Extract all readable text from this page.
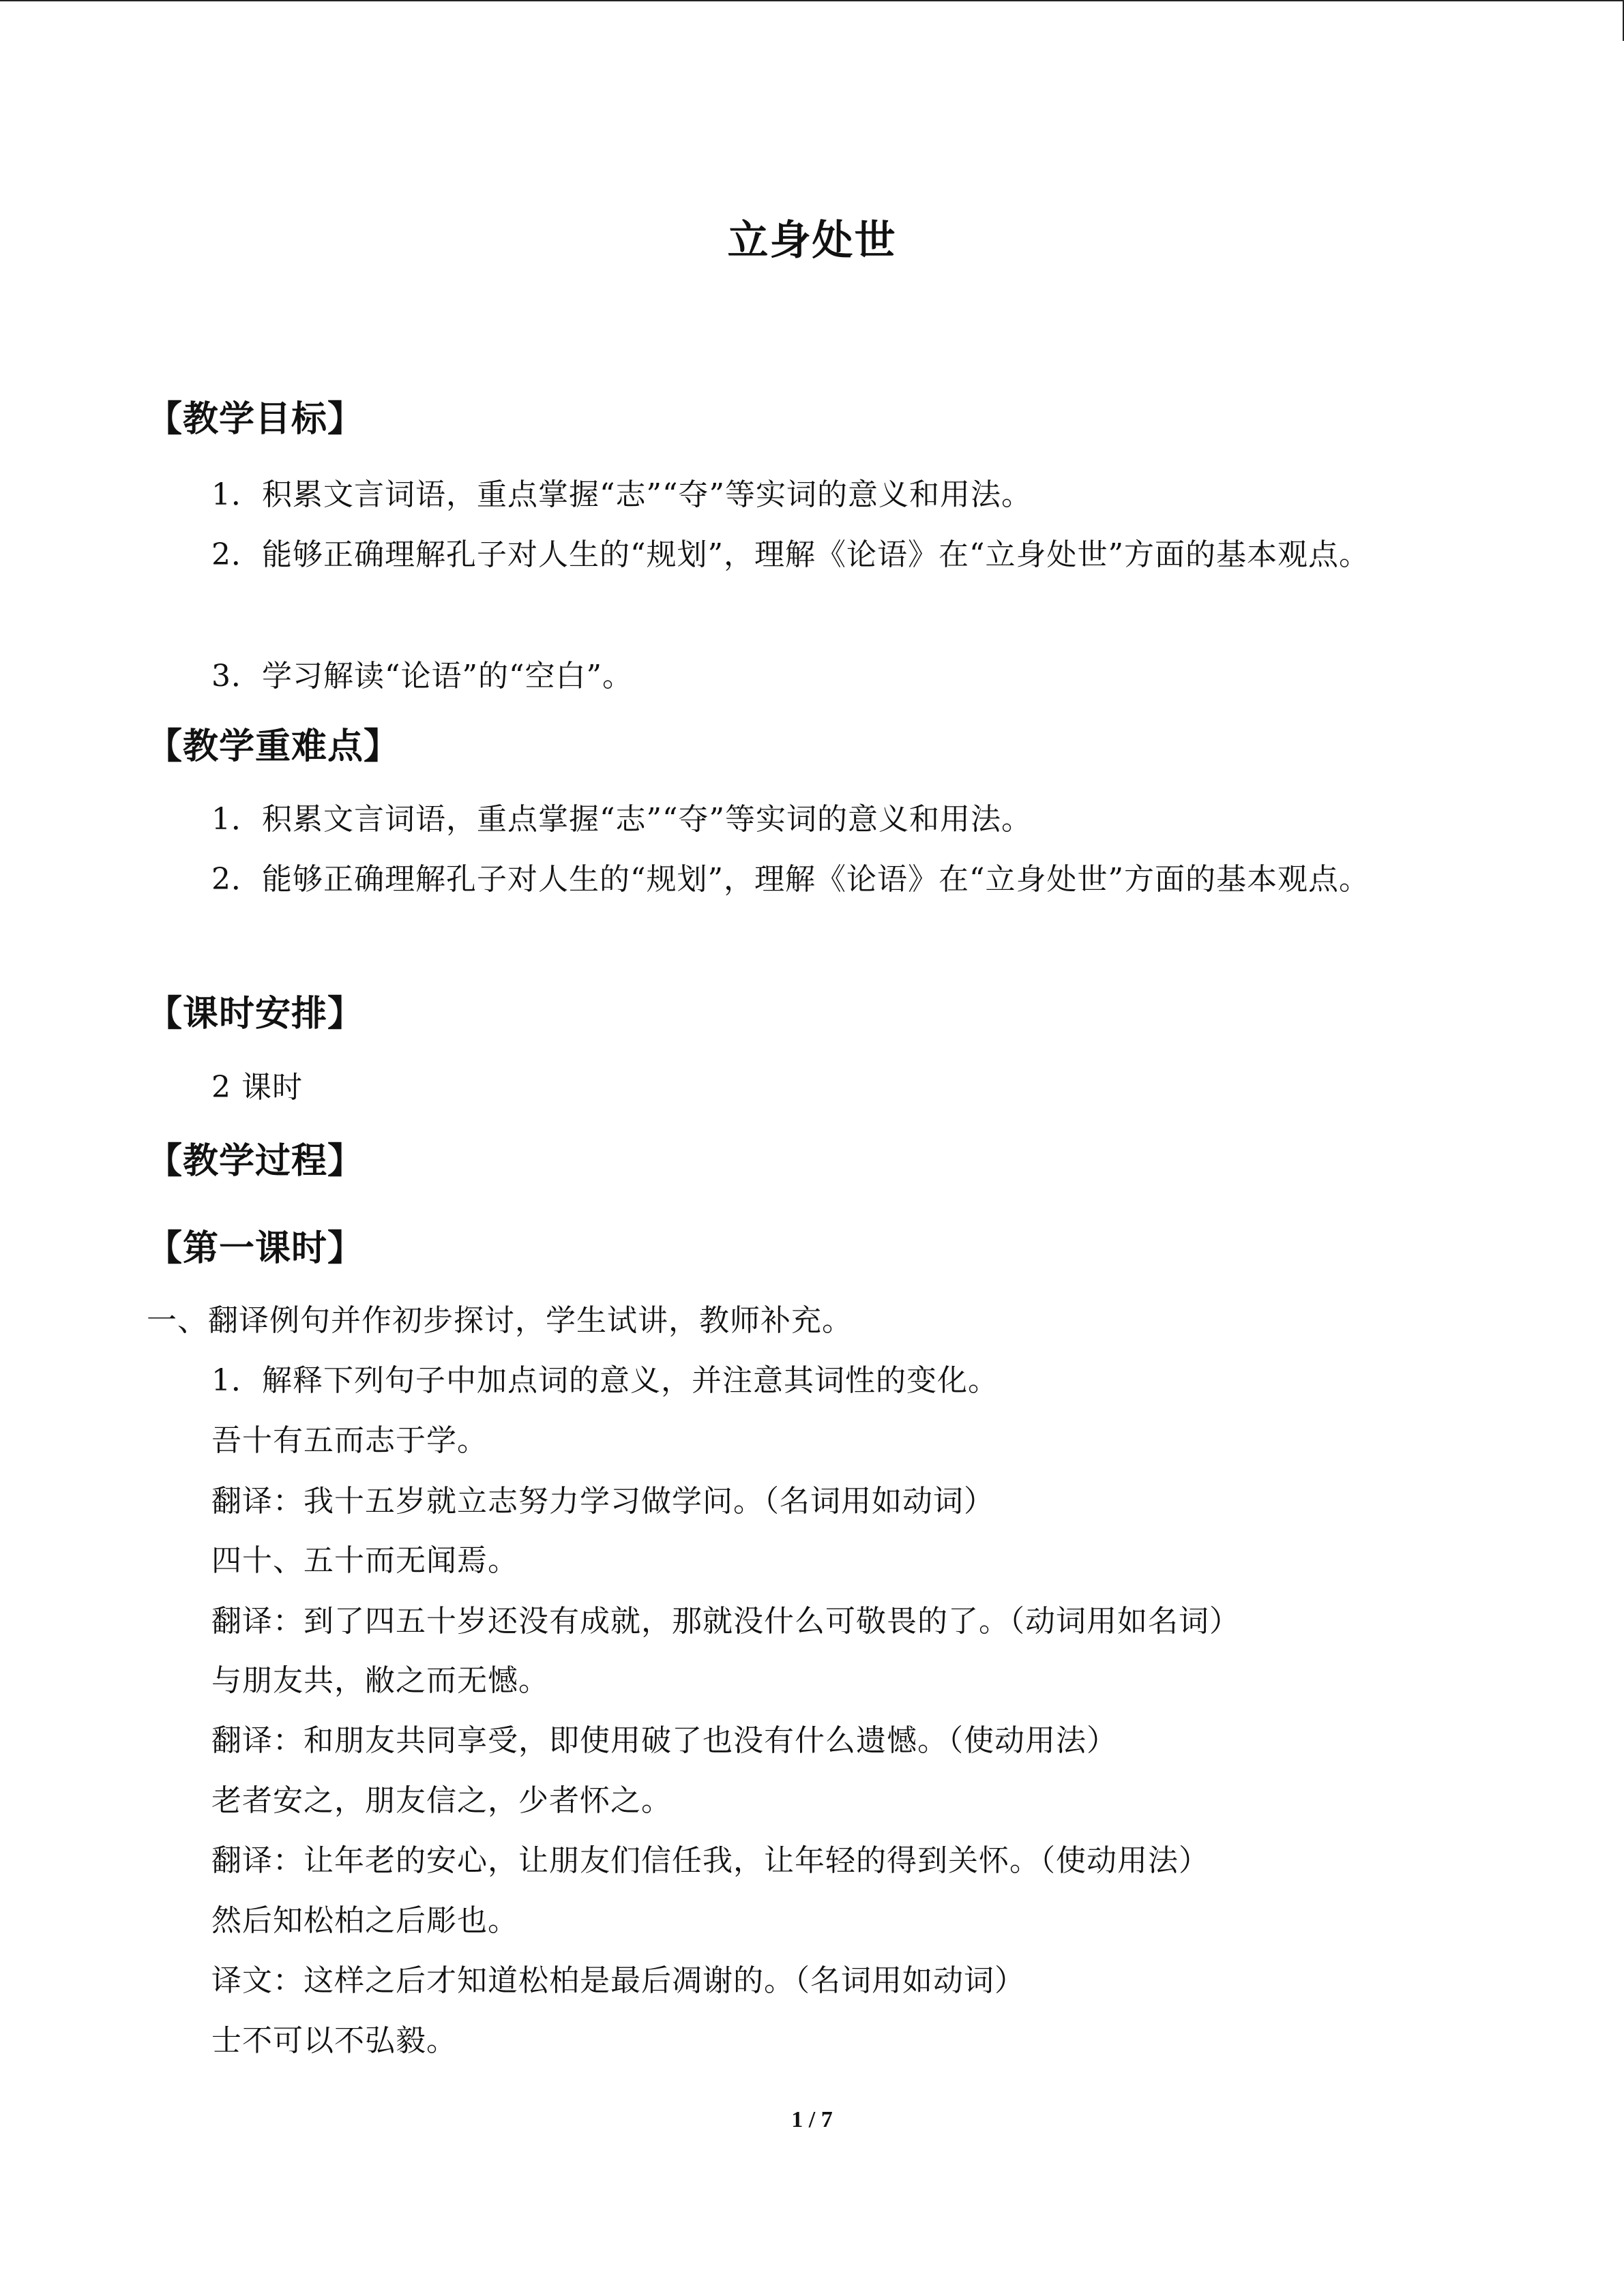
立身处世
【教学目标】
1．积累文言词语，重点掌握“志”“夺”等实词的意义和用法。
2．能够正确理解孔子对人生的“规划”，理解《论语》在“立身处世”方面的基本观点。
3．学习解读“论语”的“空白”。
【教学重难点】
1．积累文言词语，重点掌握“志”“夺”等实词的意义和用法。
2．能够正确理解孔子对人生的“规划”，理解《论语》在“立身处世”方面的基本观点。
【课时安排】
2 课时
【教学过程】
【第一课时】
一、翻译例句并作初步探讨，学生试讲，教师补充。
1．解释下列句子中加点词的意义，并注意其词性的变化。
吾十有五而志于学。
翻译：我十五岁就立志努力学习做学问。（名词用如动词）
四十、五十而无闻焉。
翻译：到了四五十岁还没有成就，那就没什么可敬畏的了。（动词用如名词）
与朋友共，敝之而无憾。
翻译：和朋友共同享受，即使用破了也没有什么遗憾。（使动用法）
老者安之，朋友信之，少者怀之。
翻译：让年老的安心，让朋友们信任我，让年轻的得到关怀。（使动用法）
然后知松柏之后彫也。
译文：这样之后才知道松柏是最后凋谢的。（名词用如动词）
士不可以不弘毅。
1 / 7
